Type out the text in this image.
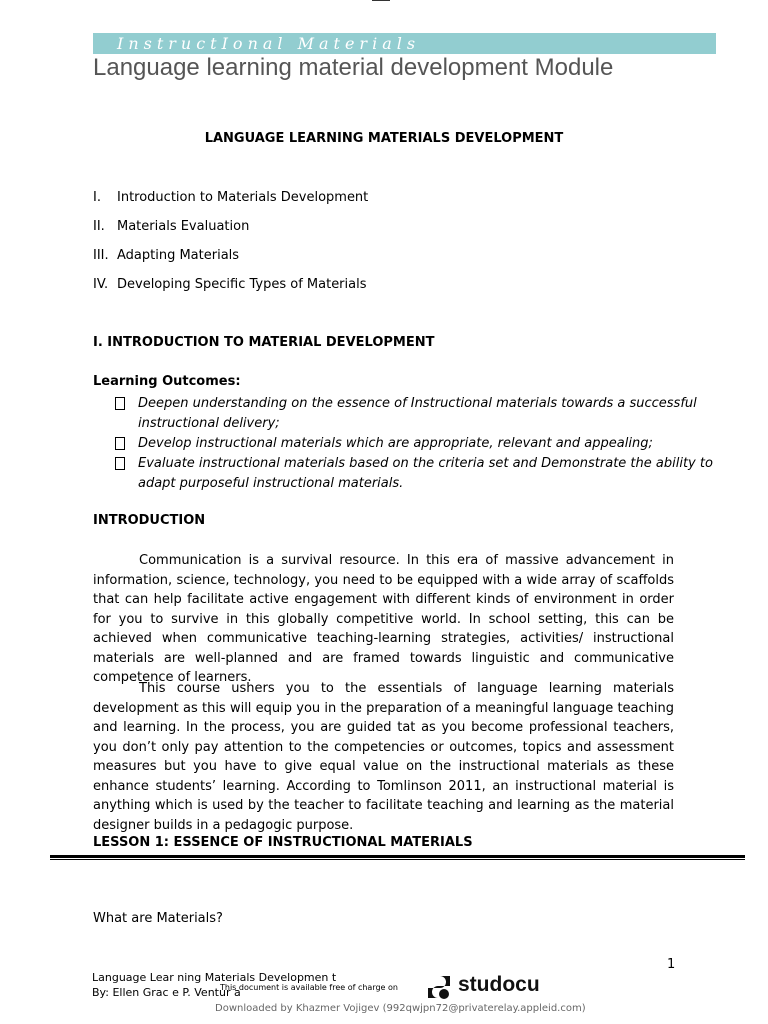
InstructIonal Materials
Language learning material development Module
LANGUAGE LEARNING MATERIALS DEVELOPMENT
I. Introduction to Materials Development
II. Materials Evaluation
III. Adapting Materials
IV. Developing Specific Types of Materials
I. INTRODUCTION TO MATERIAL DEVELOPMENT
Learning Outcomes:
Deepen understanding on the essence of Instructional materials towards a successful instructional delivery;
Develop instructional materials which are appropriate, relevant and appealing;
Evaluate instructional materials based on the criteria set and Demonstrate the ability to adapt purposeful instructional materials.
INTRODUCTION
Communication is a survival resource. In this era of massive advancement in information, science, technology, you need to be equipped with a wide array of scaffolds that can help facilitate active engagement with different kinds of environment in order for you to survive in this globally competitive world. In school setting, this can be achieved when communicative teaching-learning strategies, activities/ instructional materials are well-planned and are framed towards linguistic and communicative competence of learners.
This course ushers you to the essentials of language learning materials development as this will equip you in the preparation of a meaningful language teaching and learning. In the process, you are guided tat as you become professional teachers, you don’t only pay attention to the competencies or outcomes, topics and assessment measures but you have to give equal value on the instructional materials as these enhance students’ learning. According to Tomlinson 2011, an instructional material is anything which is used by the teacher to facilitate teaching and learning as the material designer builds in a pedagogic purpose.
LESSON 1: ESSENCE OF INSTRUCTIONAL MATERIALS
What are Materials?
1
Language Lear ning Materials Developmen t
By: Ellen Grac e P. Ventur a
This document is available free of charge on	studocu
Downloaded by Khazmer Vojigev (992qwjpn72@privaterelay.appleid.com)
